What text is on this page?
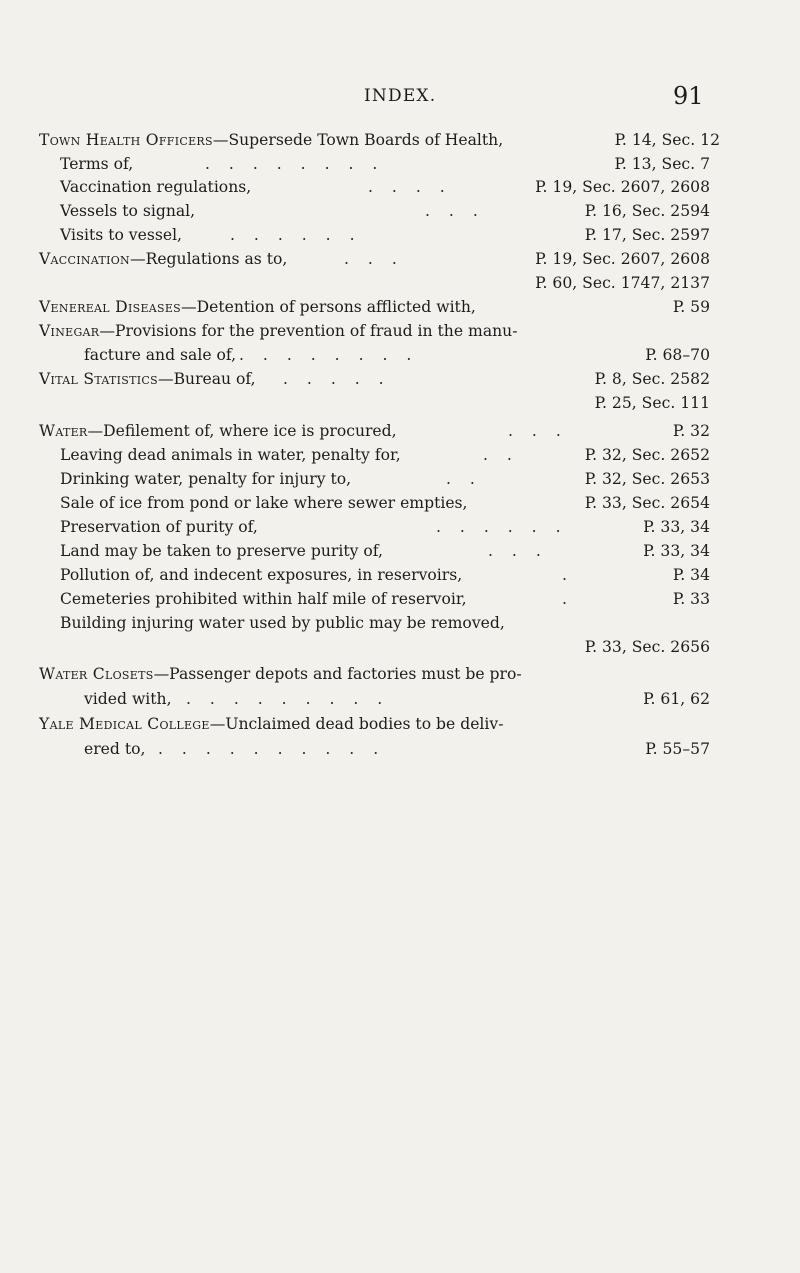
INDEX.	91
Town Health Officers—Supersede Town Boards of Health,	P. 14, Sec. 12
Terms of,	. . . . . . . .	P. 13, Sec. 7
Vaccination regulations,	. . . .	P. 19, Sec. 2607, 2608
Vessels to signal,	. . .	P. 16, Sec. 2594
Visits to vessel,	. . . . . .	P. 17, Sec. 2597
Vaccination—Regulations as to,	. . .	P. 19, Sec. 2607, 2608
P. 60, Sec. 1747, 2137
Venereal Diseases—Detention of persons afflicted with,	P. 59
Vinegar—Provisions for the prevention of fraud in the manu-
facture and sale of, . . . . . . . .	P. 68–70
Vital Statistics—Bureau of, . . . . .	P. 8, Sec. 2582
P. 25, Sec. 111
Water—Defilement of, where ice is procured,	. . .	P. 32
Leaving dead animals in water, penalty for,	. .	P. 32, Sec. 2652
Drinking water, penalty for injury to,	. .	P. 32, Sec. 2653
Sale of ice from pond or lake where sewer empties,	P. 33, Sec. 2654
Preservation of purity of,	. . . . . .	P. 33, 34
Land may be taken to preserve purity of,	. . .	P. 33, 34
Pollution of, and indecent exposures, in reservoirs,	.	P. 34
Cemeteries prohibited within half mile of reservoir,	.	P. 33
Building injuring water used by public may be removed,
P. 33, Sec. 2656
Water Closets—Passenger depots and factories must be pro-
vided with, . . . . . . . . .	P. 61, 62
Yale Medical College—Unclaimed dead bodies to be deliv-
ered to, . . . . . . . . . .	P. 55–57
